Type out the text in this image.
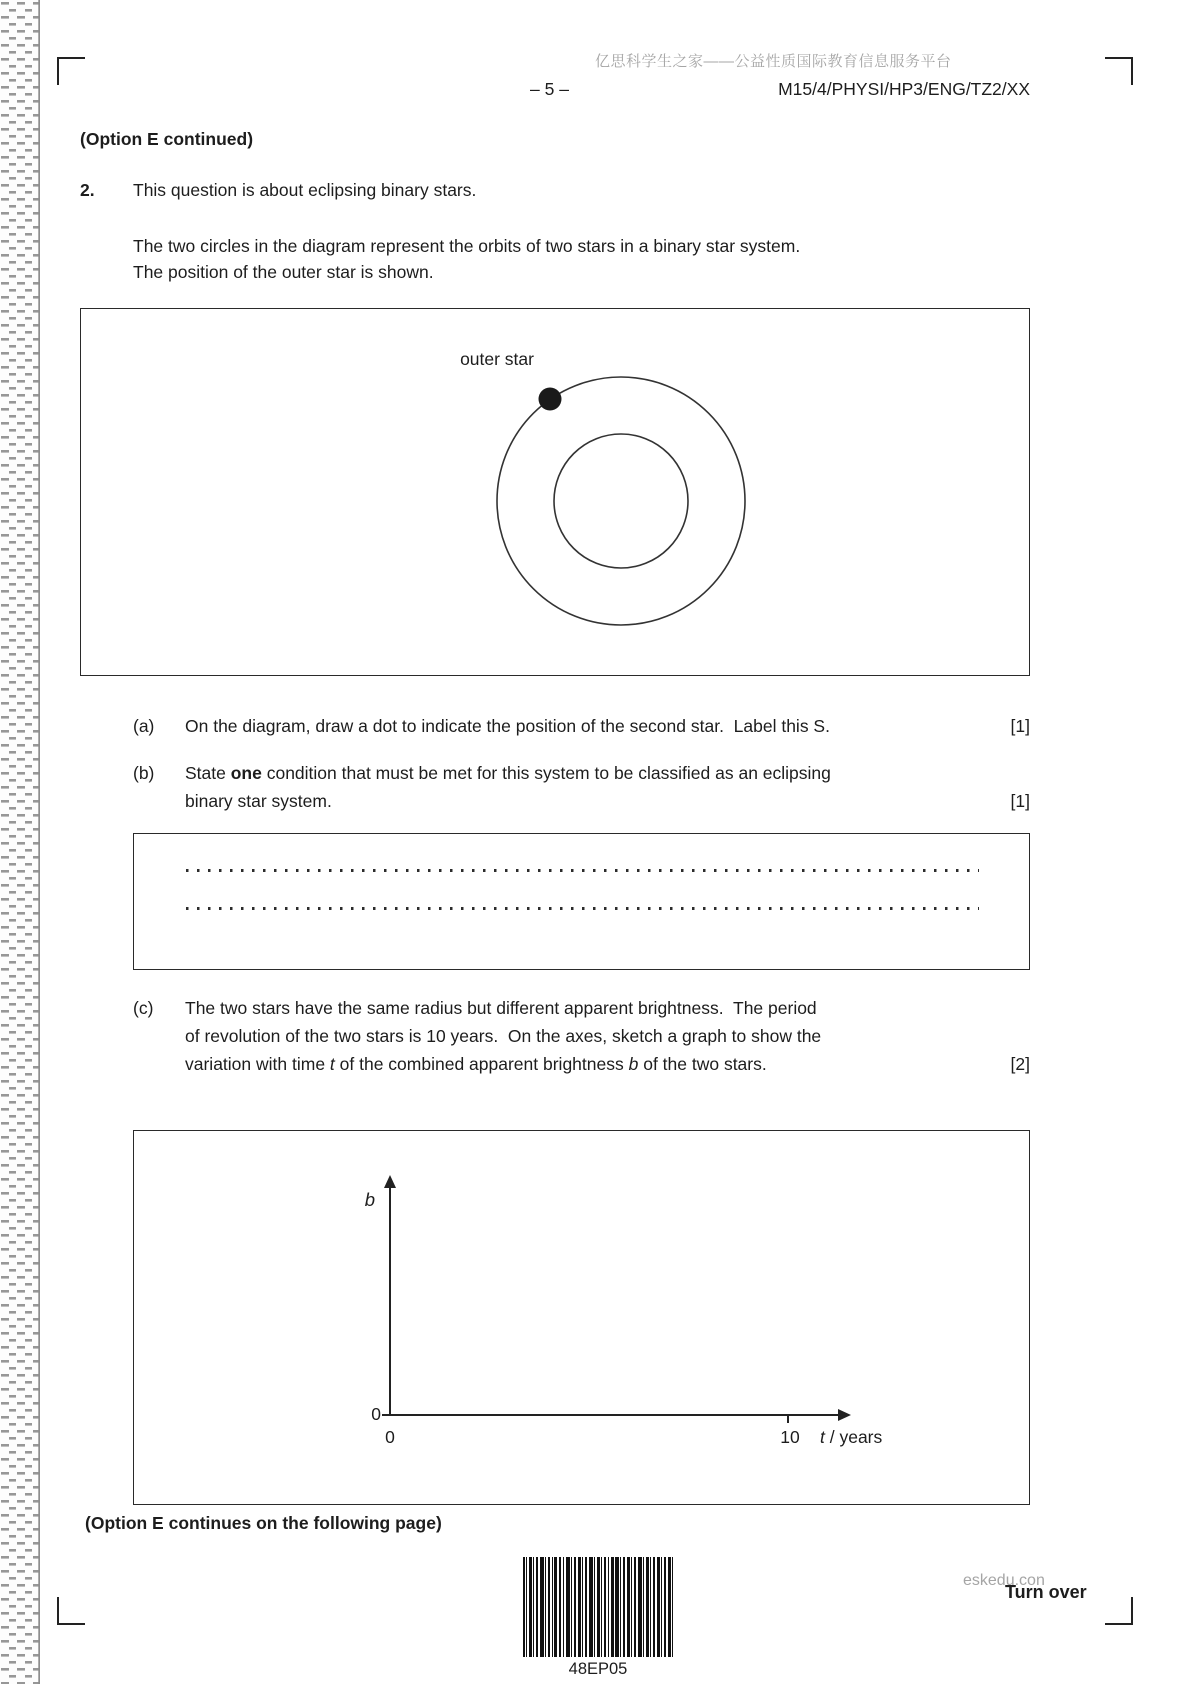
亿思科学生之家——公益性质国际教育信息服务平台
– 5 –	M15/4/PHYSI/HP3/ENG/TZ2/XX
(Option E continued)
2. This question is about eclipsing binary stars.
The two circles in the diagram represent the orbits of two stars in a binary star system.
The position of the outer star is shown.
outer star
(a) On the diagram, draw a dot to indicate the position of the second star.  Label this S.	[1]
(b) State one condition that must be met for this system to be classified as an eclipsing
binary star system.	[1]
(c) The two stars have the same radius but different apparent brightness.  The period
of revolution of the two stars is 10 years.  On the axes, sketch a graph to show the
variation with time t of the combined apparent brightness b of the two stars.	[2]
b
0
0	10	t / years
(Option E continues on the following page)
48EP05
eskedu.con
Turn over
